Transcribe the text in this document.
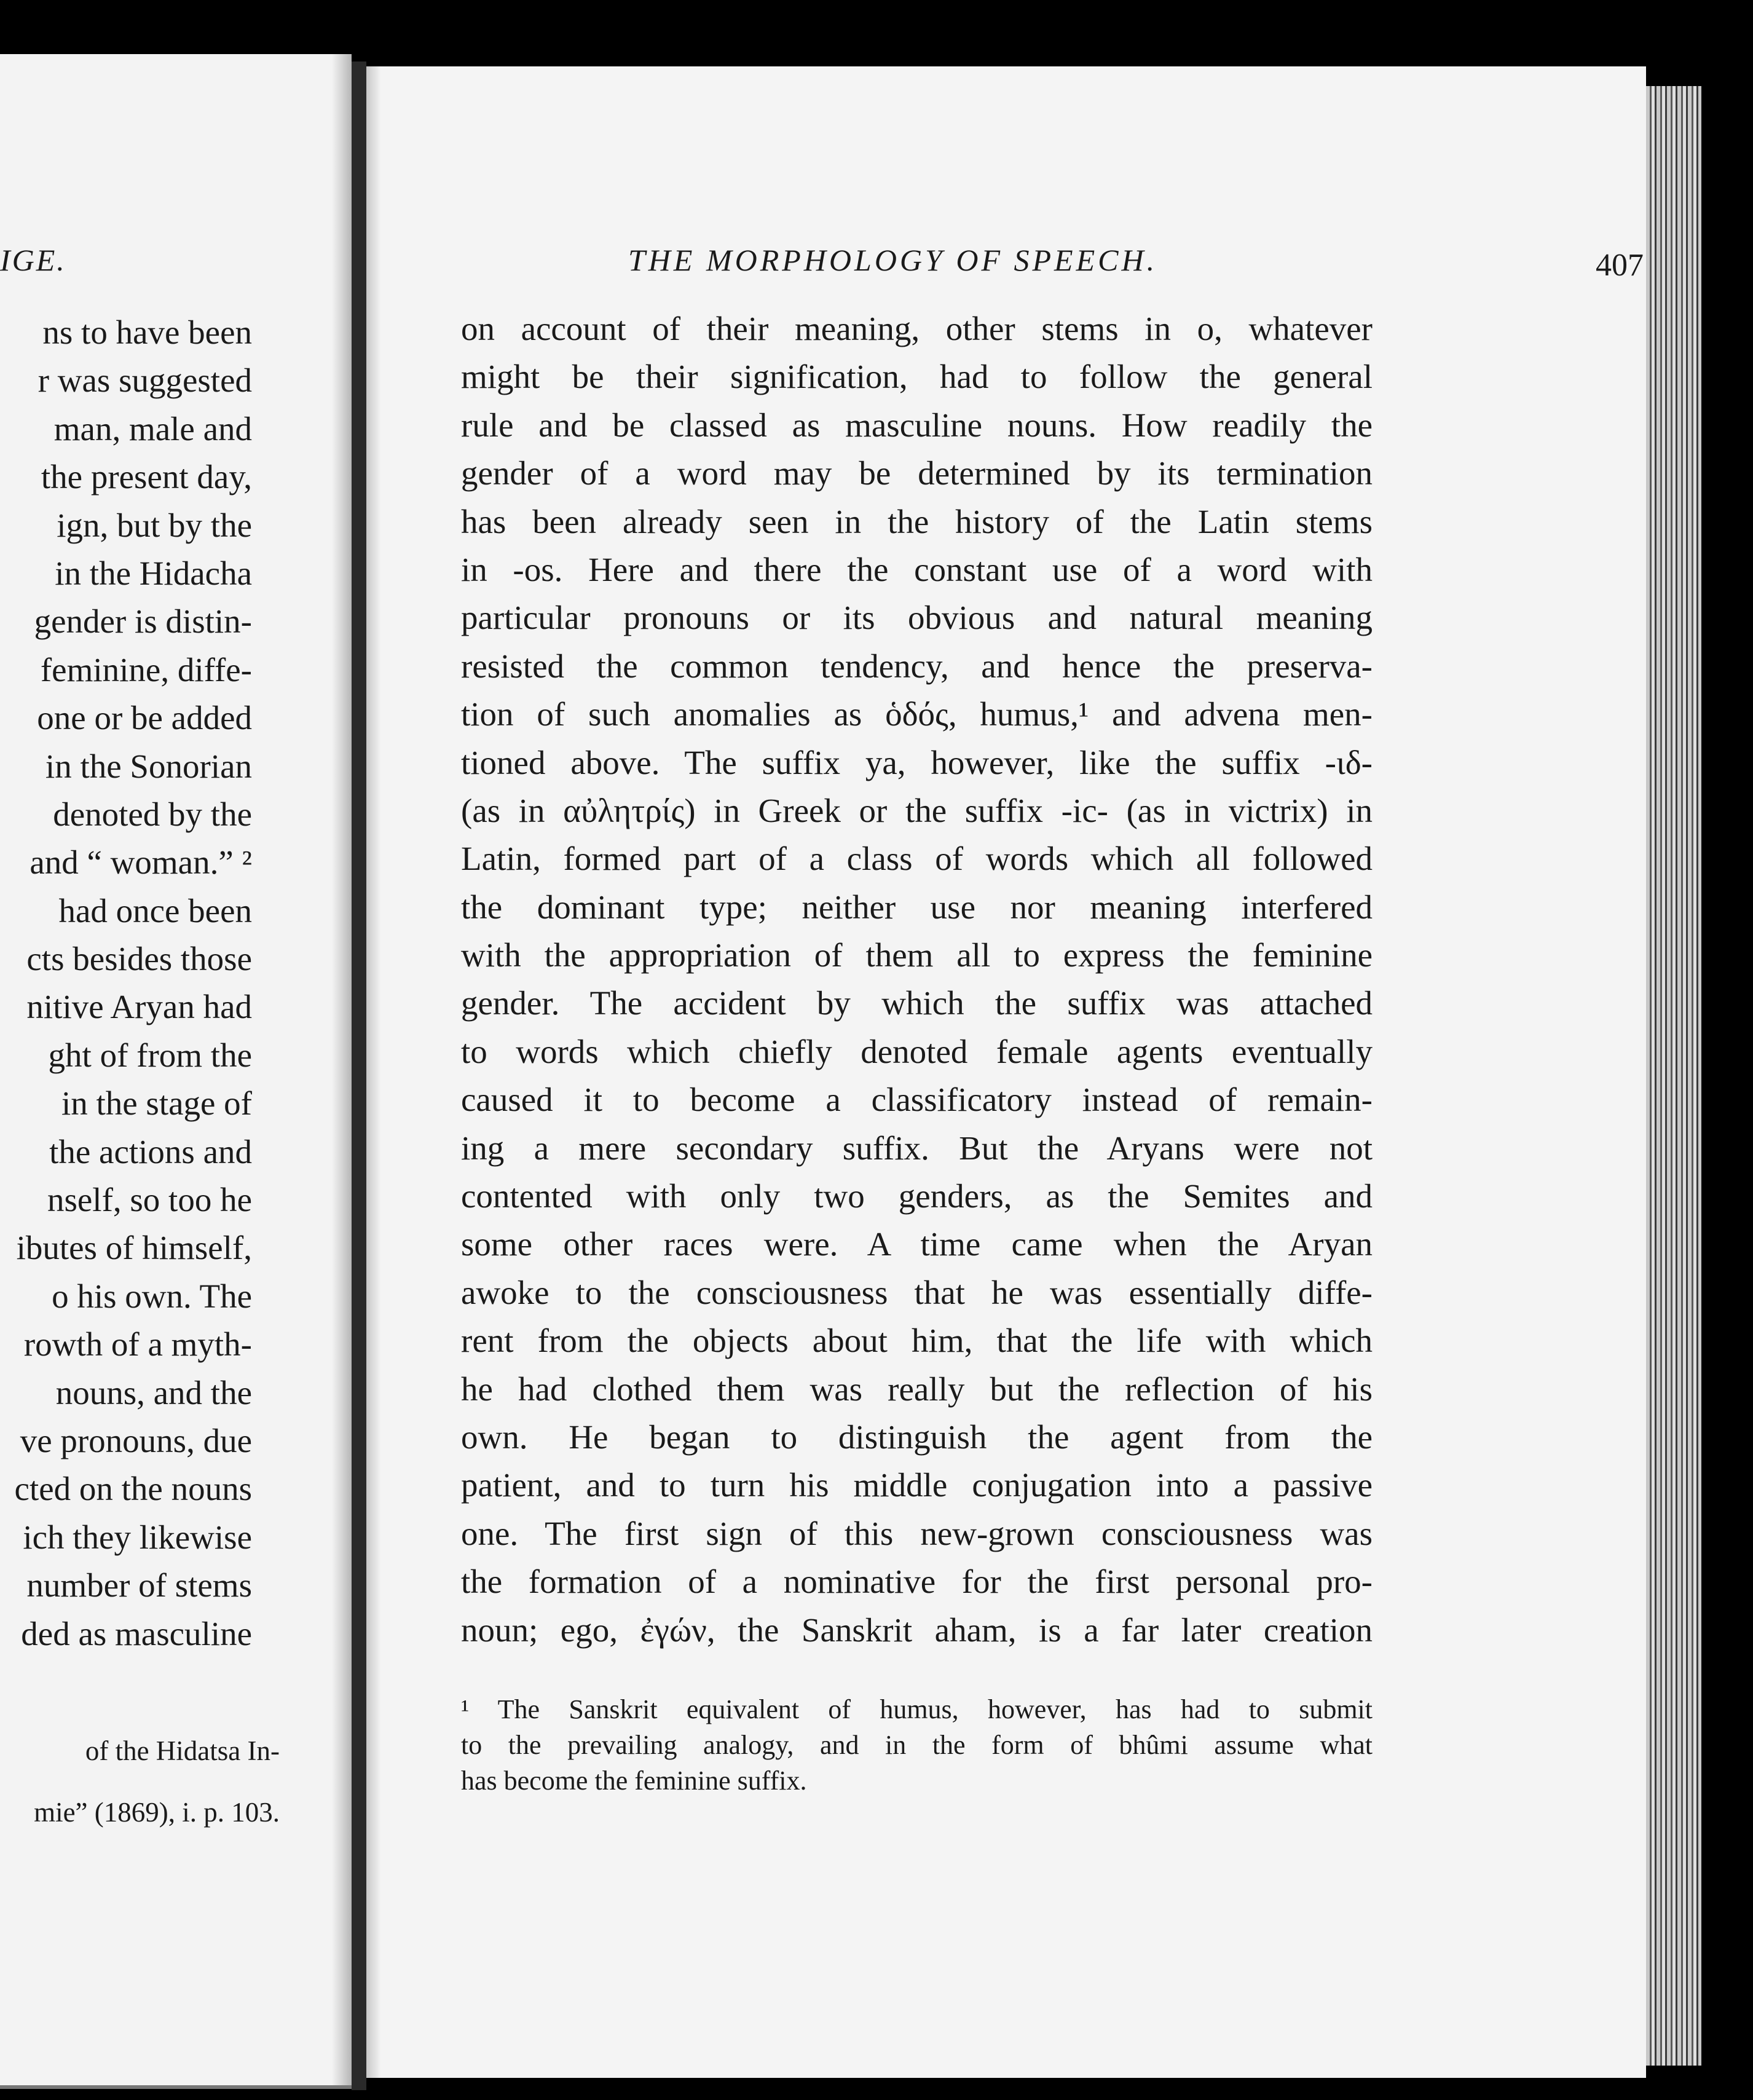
IGE.
ns to have been
r was suggested
man, male and
the present day,
ign, but by the
in the Hidacha
gender is distin-
feminine, diffe-
one or be added
in the Sonorian
denoted by the
and “ woman.” ²
had once been
cts besides those
nitive Aryan had
ght of from the
in the stage of
the actions and
nself, so too he
ibutes of himself,
o his own. The
rowth of a myth-
nouns, and the
ve pronouns, due
cted on the nouns
ich they likewise
number of stems
ded as masculine
of the Hidatsa In-
mie” (1869), i. p. 103.
THE MORPHOLOGY OF SPEECH.	407
on account of their meaning, other stems in o, whatever
might be their signification, had to follow the general
rule and be classed as masculine nouns. How readily the
gender of a word may be determined by its termination
has been already seen in the history of the Latin stems
in -os. Here and there the constant use of a word with
particular pronouns or its obvious and natural meaning
resisted the common tendency, and hence the preserva-
tion of such anomalies as ὁδός, humus,¹ and advena men-
tioned above. The suffix ya, however, like the suffix -ιδ-
(as in αὐλητρίς) in Greek or the suffix -ic- (as in victrix) in
Latin, formed part of a class of words which all followed
the dominant type; neither use nor meaning interfered
with the appropriation of them all to express the feminine
gender. The accident by which the suffix was attached
to words which chiefly denoted female agents eventually
caused it to become a classificatory instead of remain-
ing a mere secondary suffix. But the Aryans were not
contented with only two genders, as the Semites and
some other races were. A time came when the Aryan
awoke to the consciousness that he was essentially diffe-
rent from the objects about him, that the life with which
he had clothed them was really but the reflection of his
own. He began to distinguish the agent from the
patient, and to turn his middle conjugation into a passive
one. The first sign of this new-grown consciousness was
the formation of a nominative for the first personal pro-
noun; ego, ἐγών, the Sanskrit aham, is a far later creation
¹ The Sanskrit equivalent of humus, however, has had to submit
to the prevailing analogy, and in the form of bhûmi assume what
has become the feminine suffix.
